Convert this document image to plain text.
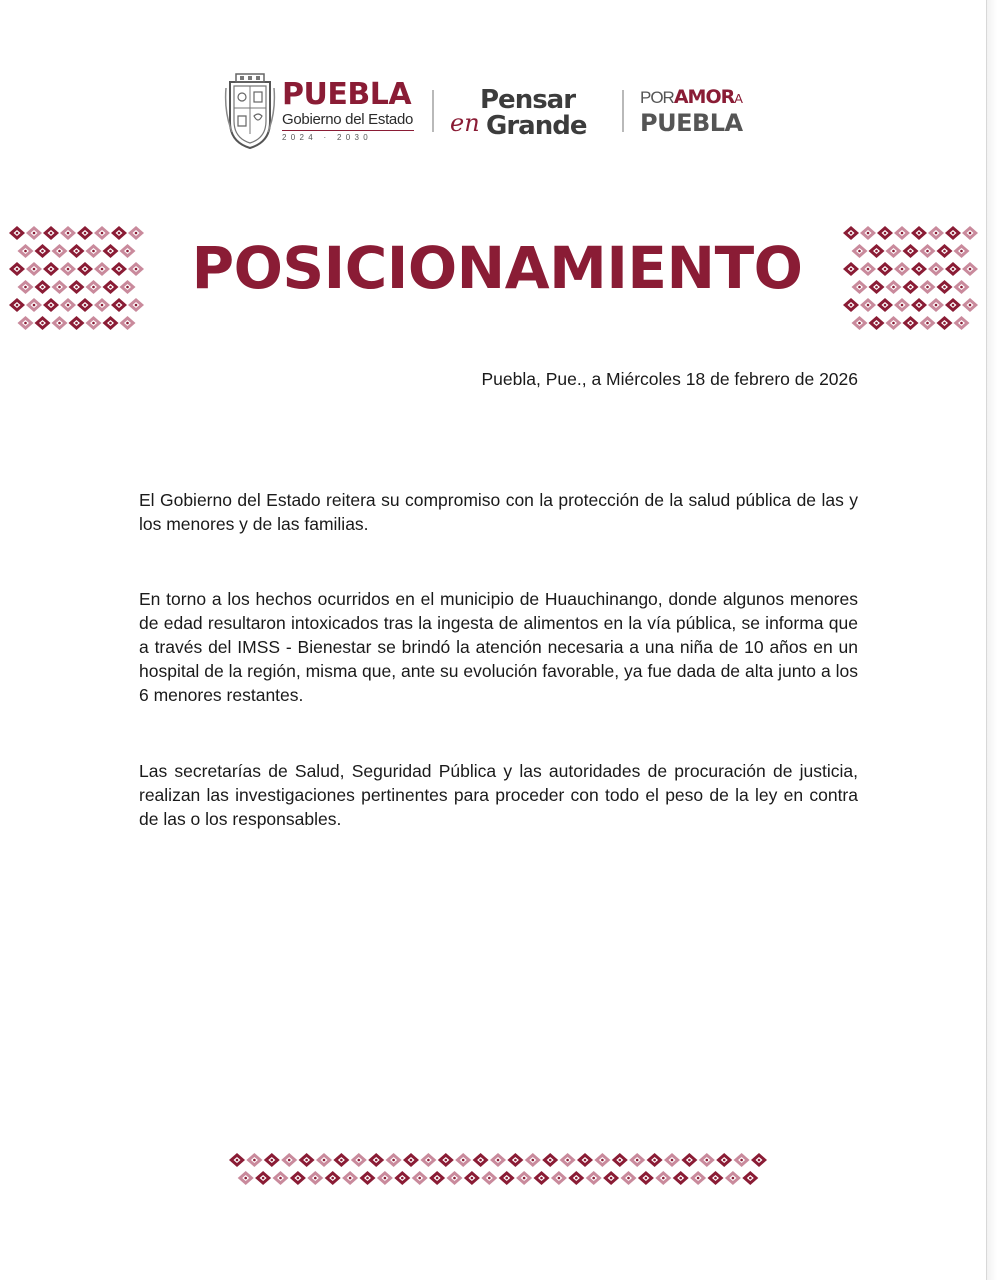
PUEBLA
Gobierno del Estado
2024 · 2030
Pensar
en Grande
PORAMORA
PUEBLA
POSICIONAMIENTO
Puebla, Pue., a Miércoles 18 de febrero de 2026
El Gobierno del Estado reitera su compromiso con la protección de la salud pública de las y los menores y de las familias.
En torno a los hechos ocurridos en el municipio de Huauchinango, donde algunos menores de edad resultaron intoxicados tras la ingesta de alimentos en la vía pública, se informa que a través del IMSS - Bienestar se brindó la atención necesaria a una niña de 10 años en un hospital de la región, misma que, ante su evolución favorable, ya fue dada de alta junto a los 6 menores restantes.
Las secretarías de Salud, Seguridad Pública y las autoridades de procuración de justicia, realizan las investigaciones pertinentes para proceder con todo el peso de la ley en contra de las o los responsables.
